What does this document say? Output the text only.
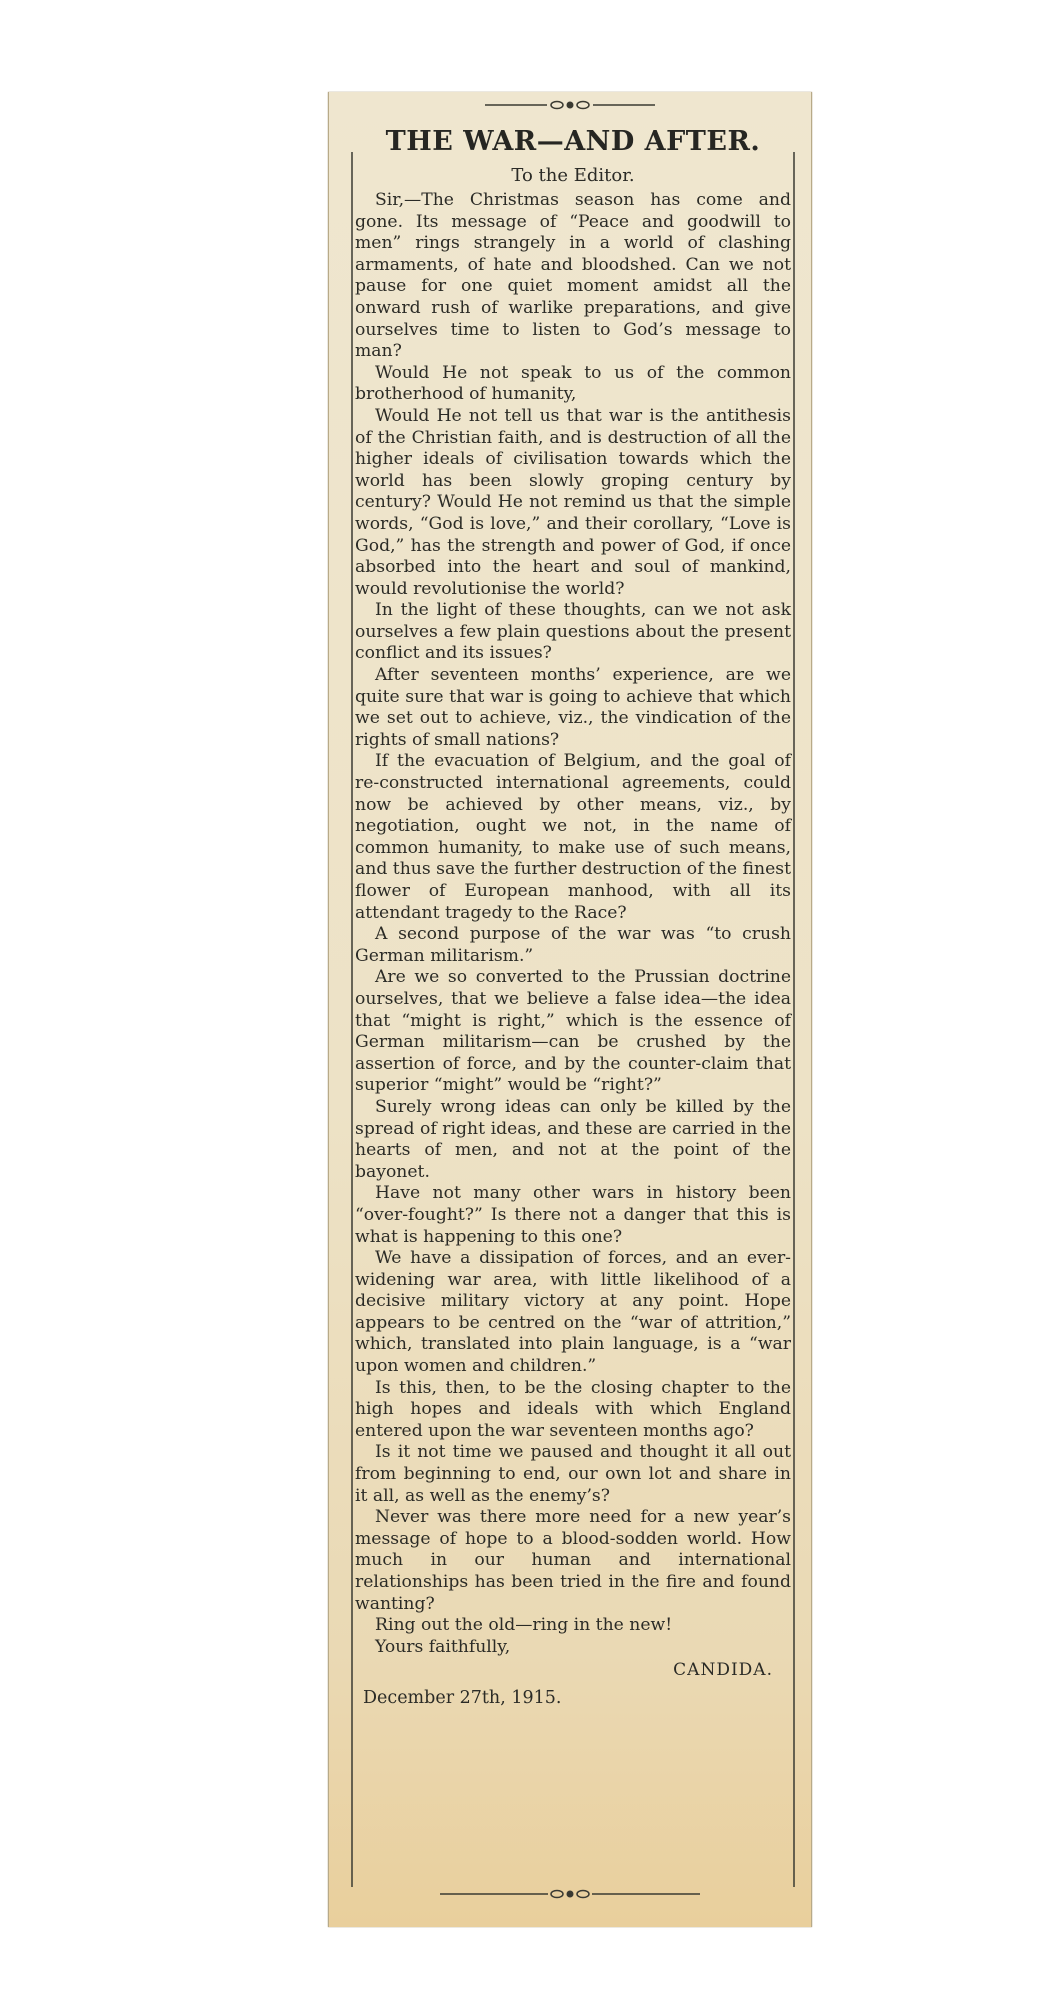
THE WAR—AND AFTER.

To the Editor.

Sir,—The Christmas season has come and gone. Its message of “Peace and goodwill to men” rings strangely in a world of clashing armaments, of hate and bloodshed. Can we not pause for one quiet moment amidst all the onward rush of warlike preparations, and give ourselves time to listen to God’s message to man?

Would He not speak to us of the common brotherhood of humanity,

Would He not tell us that war is the antithesis of the Christian faith, and is destruction of all the higher ideals of civilisation towards which the world has been slowly groping century by century? Would He not remind us that the simple words, “God is love,” and their corollary, “Love is God,” has the strength and power of God, if once absorbed into the heart and soul of mankind, would revolutionise the world?

In the light of these thoughts, can we not ask ourselves a few plain questions about the present conflict and its issues?

After seventeen months’ experience, are we quite sure that war is going to achieve that which we set out to achieve, viz., the vindication of the rights of small nations?

If the evacuation of Belgium, and the goal of re-constructed international agreements, could now be achieved by other means, viz., by negotiation, ought we not, in the name of common humanity, to make use of such means, and thus save the further destruction of the finest flower of European manhood, with all its attendant tragedy to the Race?

A second purpose of the war was “to crush German militarism.”

Are we so converted to the Prussian doctrine ourselves, that we believe a false idea—the idea that “might is right,” which is the essence of German militarism—can be crushed by the assertion of force, and by the counter-claim that superior “might” would be “right?”

Surely wrong ideas can only be killed by the spread of right ideas, and these are carried in the hearts of men, and not at the point of the bayonet.

Have not many other wars in history been “over-fought?” Is there not a danger that this is what is happening to this one?

We have a dissipation of forces, and an ever-widening war area, with little likelihood of a decisive military victory at any point. Hope appears to be centred on the “war of attrition,” which, translated into plain language, is a “war upon women and children.”

Is this, then, to be the closing chapter to the high hopes and ideals with which England entered upon the war seventeen months ago?

Is it not time we paused and thought it all out from beginning to end, our own lot and share in it all, as well as the enemy’s?

Never was there more need for a new year’s message of hope to a blood-sodden world. How much in our human and international relationships has been tried in the fire and found wanting?

Ring out the old—ring in the new!

Yours faithfully,

CANDIDA.

December 27th, 1915.
